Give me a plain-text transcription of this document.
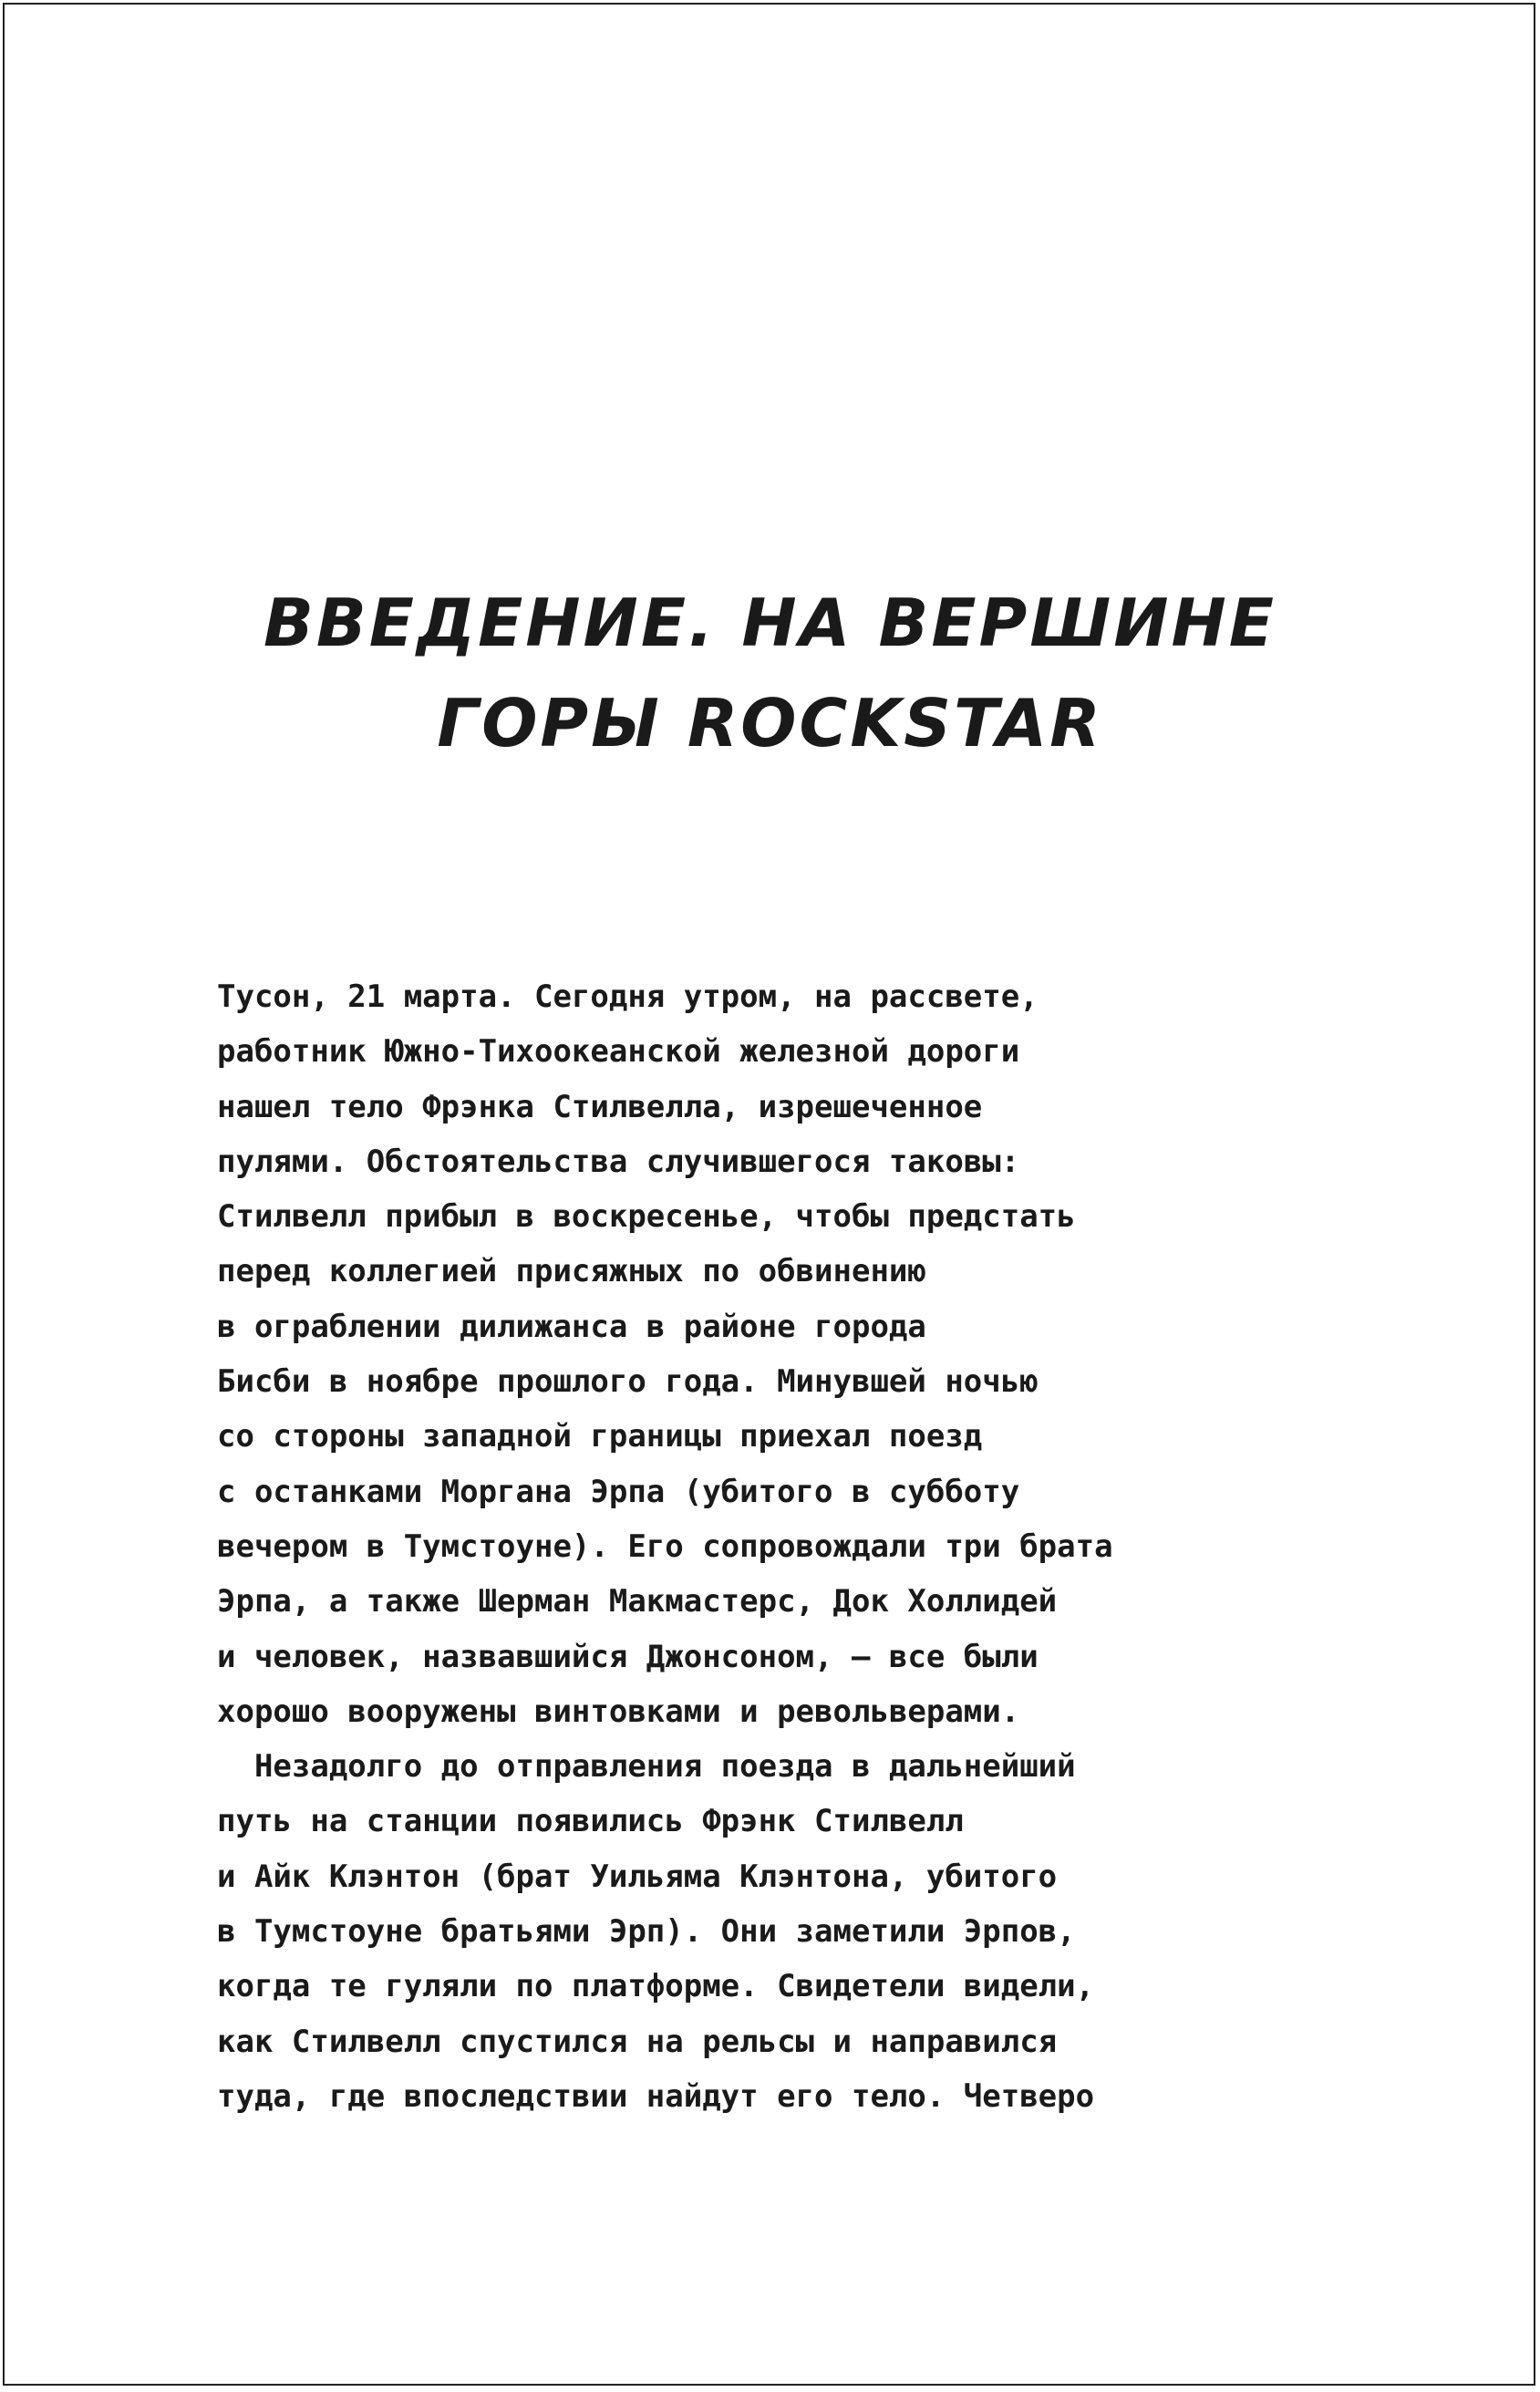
ВВЕДЕНИЕ. НА ВЕРШИНЕ
ГОРЫ ROCKSTAR
Тусон, 21 марта. Сегодня утром, на рассвете,
работник Южно-Тихоокеанской железной дороги
нашел тело Фрэнка Стилвелла, изрешеченное
пулями. Обстоятельства случившегося таковы:
Стилвелл прибыл в воскресенье, чтобы предстать
перед коллегией присяжных по обвинению
в ограблении дилижанса в районе города
Бисби в ноябре прошлого года. Минувшей ночью
со стороны западной границы приехал поезд
с останками Моргана Эрпа (убитого в субботу
вечером в Тумстоуне). Его сопровождали три брата
Эрпа, а также Шерман Макмастерс, Док Холлидей
и человек, назвавшийся Джонсоном, – все были
хорошо вооружены винтовками и револьверами.
Незадолго до отправления поезда в дальнейший
путь на станции появились Фрэнк Стилвелл
и Айк Клэнтон (брат Уильяма Клэнтона, убитого
в Тумстоуне братьями Эрп). Они заметили Эрпов,
когда те гуляли по платформе. Свидетели видели,
как Стилвелл спустился на рельсы и направился
туда, где впоследствии найдут его тело. Четверо
